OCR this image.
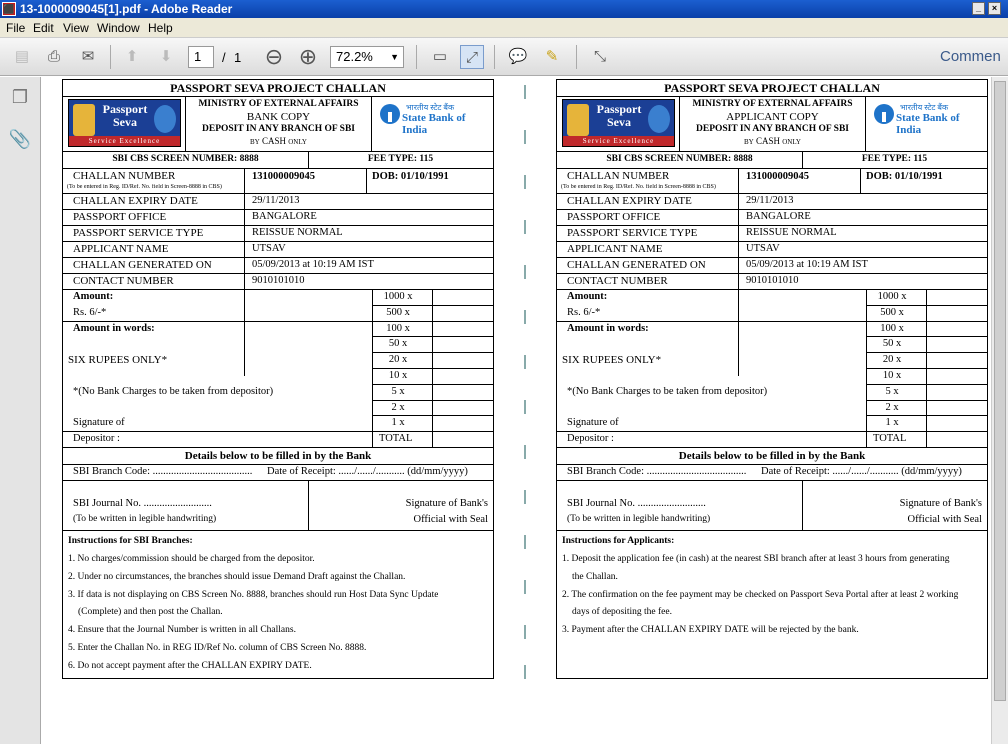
⬛ 13-1000009045[1].pdf - Adobe Reader	_	×
File Edit View Window Help
▤	⎙	✉	⬆	⬇	1	/ 1 ⊖ ⊕	72.2% ▼	▭	⤢	💬	✎	⤡	Commen
❐
📎
PASSPORT SEVA PROJECT CHALLAN
Passport Seva
Service Excellence
MINISTRY OF EXTERNAL AFFAIRS
BANK COPY
DEPOSIT IN ANY BRANCH OF SBI
BY CASH ONLY
भारतीय स्टेट बैंक
State Bank of India
SBI CBS SCREEN NUMBER: 8888	FEE TYPE: 115
CHALLAN NUMBER
(To be entered in Reg. ID/Ref. No. field in Screen-8888 in CBS)
131000009045	DOB: 01/10/1991
CHALLAN EXPIRY DATE	29/11/2013
PASSPORT OFFICE	BANGALORE
PASSPORT SERVICE TYPE	REISSUE NORMAL
APPLICANT NAME	UTSAV
CHALLAN GENERATED ON	05/09/2013 at 10:19 AM IST
CONTACT NUMBER	9010101010
Amount:
Rs. 6/-*
Amount in words:
SIX RUPEES ONLY*
*(No Bank Charges to be taken from depositor)
Signature of
Depositor :
1000 x
500 x
100 x
50 x
20 x
10 x
5 x
2 x
1 x
TOTAL
Details below to be filled in by the Bank
SBI Branch Code: ...................................... Date of Receipt: ....../....../........... (dd/mm/yyyy)
SBI Journal No. ..........................
(To be written in legible handwriting)
Signature of Bank's
Official with Seal
Instructions for SBI Branches:
1. No charges/commission should be charged from the depositor.
2. Under no circumstances, the branches should issue Demand Draft against the Challan.
3. If data is not displaying on CBS Screen No. 8888, branches should run Host Data Sync Update
(Complete) and then post the Challan.
4. Ensure that the Journal Number is written in all Challans.
5. Enter the Challan No. in REG ID/Ref No. column of CBS Screen No. 8888.
6. Do not accept payment after the CHALLAN EXPIRY DATE.
PASSPORT SEVA PROJECT CHALLAN
Passport Seva
Service Excellence
MINISTRY OF EXTERNAL AFFAIRS
APPLICANT COPY
DEPOSIT IN ANY BRANCH OF SBI
BY CASH ONLY
भारतीय स्टेट बैंक
State Bank of India
SBI CBS SCREEN NUMBER: 8888	FEE TYPE: 115
CHALLAN NUMBER
(To be entered in Reg. ID/Ref. No. field in Screen-8888 in CBS)
131000009045	DOB: 01/10/1991
CHALLAN EXPIRY DATE	29/11/2013
PASSPORT OFFICE	BANGALORE
PASSPORT SERVICE TYPE	REISSUE NORMAL
APPLICANT NAME	UTSAV
CHALLAN GENERATED ON	05/09/2013 at 10:19 AM IST
CONTACT NUMBER	9010101010
Amount:
Rs. 6/-*
Amount in words:
SIX RUPEES ONLY*
*(No Bank Charges to be taken from depositor)
Signature of
Depositor :
1000 x
500 x
100 x
50 x
20 x
10 x
5 x
2 x
1 x
TOTAL
Details below to be filled in by the Bank
SBI Branch Code: ...................................... Date of Receipt: ....../....../........... (dd/mm/yyyy)
SBI Journal No. ..........................
(To be written in legible handwriting)
Signature of Bank's
Official with Seal
Instructions for Applicants:
1. Deposit the application fee (in cash) at the nearest SBI branch after at least 3 hours from generating
the Challan.
2. The confirmation on the fee payment may be checked on Passport Seva Portal after at least 2 working
days of depositing the fee.
3. Payment after the CHALLAN EXPIRY DATE will be rejected by the bank.
